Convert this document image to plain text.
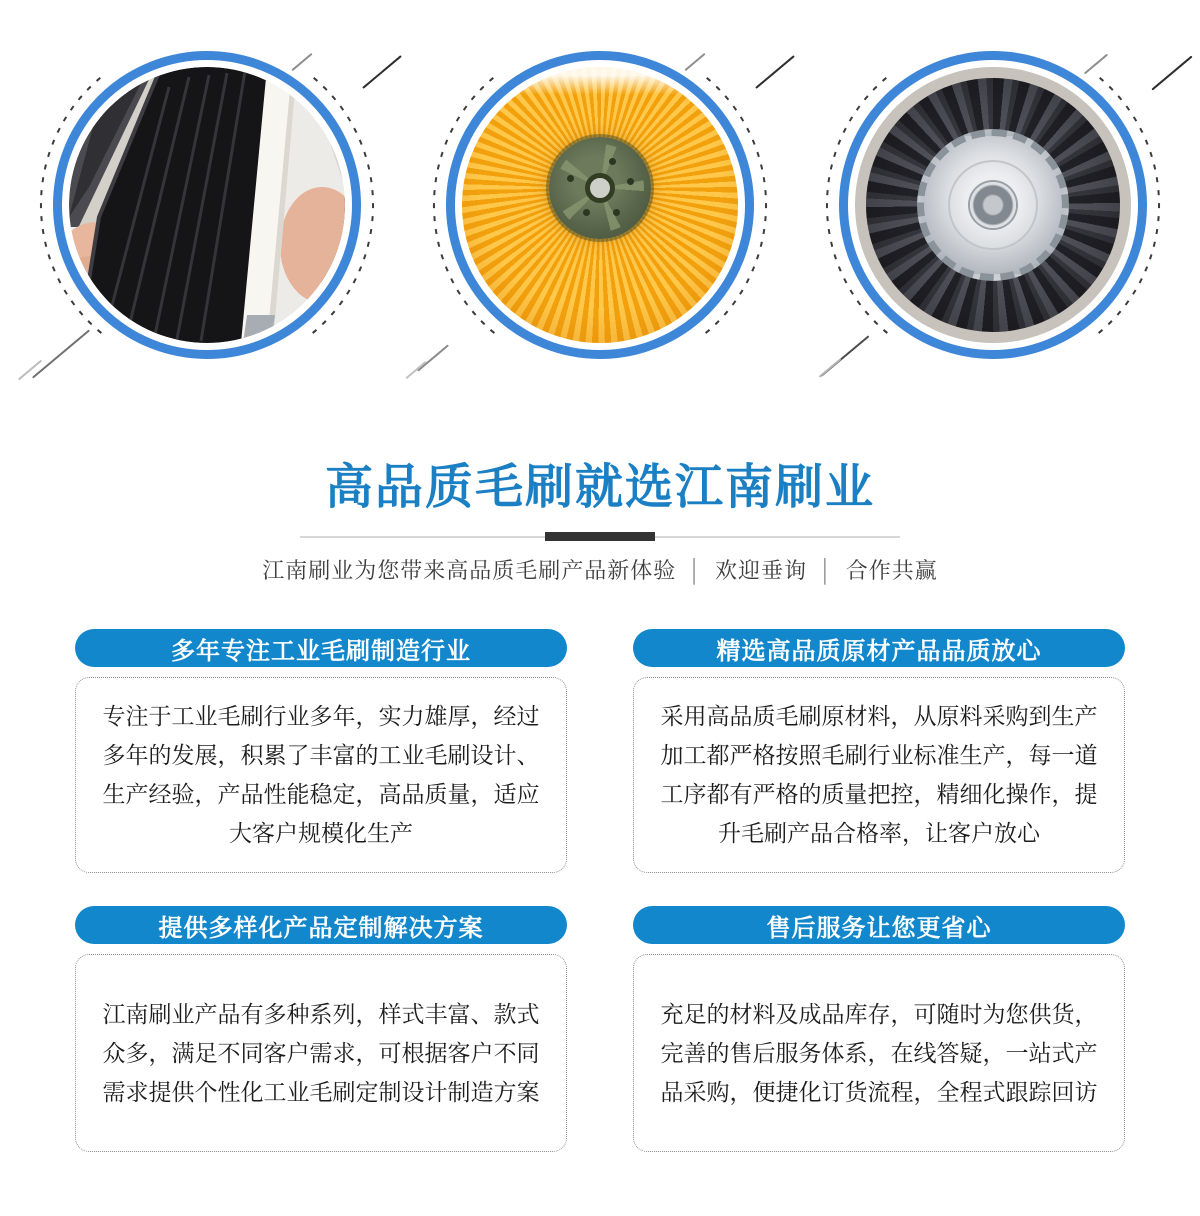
高品质毛刷就选江南刷业
江南刷业为您带来高品质毛刷产品新体验 │ 欢迎垂询 │ 合作共赢
多年专注工业毛刷制造行业
专注于工业毛刷行业多年，实力雄厚，经过多年的发展，积累了丰富的工业毛刷设计、生产经验，产品性能稳定，高品质量，适应大客户规模化生产
精选高品质原材产品品质放心
采用高品质毛刷原材料，从原料采购到生产加工都严格按照毛刷行业标准生产，每一道工序都有严格的质量把控，精细化操作，提升毛刷产品合格率，让客户放心
提供多样化产品定制解决方案
江南刷业产品有多种系列，样式丰富、款式众多，满足不同客户需求，可根据客户不同需求提供个性化工业毛刷定制设计制造方案
售后服务让您更省心
充足的材料及成品库存，可随时为您供货，完善的售后服务体系，在线答疑，一站式产品采购，便捷化订货流程，全程式跟踪回访
